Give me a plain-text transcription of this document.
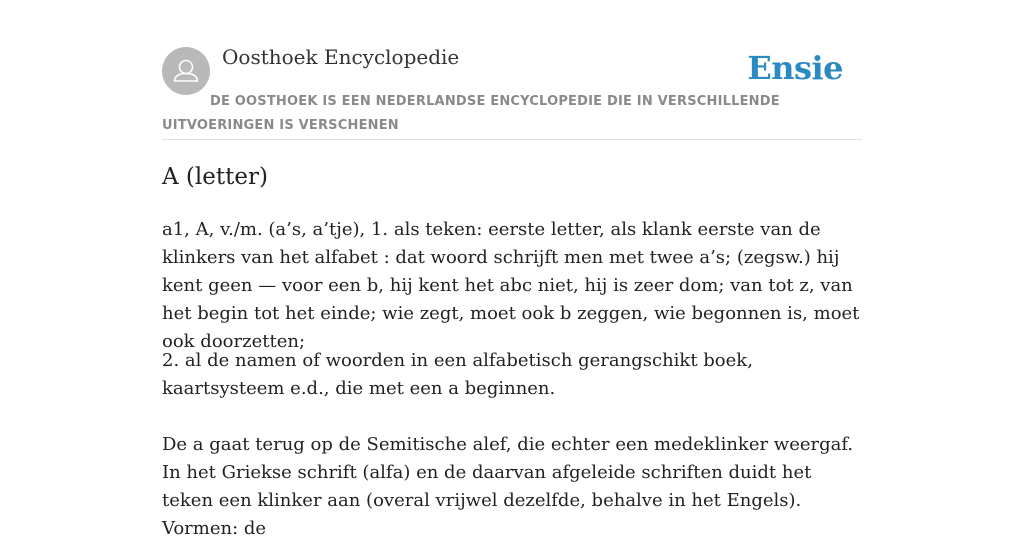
Oosthoek Encyclopedie	Ensie
DE OOSTHOEK IS EEN NEDERLANDSE ENCYCLOPEDIE DIE IN VERSCHILLENDE UITVOERINGEN IS VERSCHENEN
A (letter)

a1, A, v./m. (a’s, a’tje), 1. als teken: eerste letter, als klank eerste van de klinkers van het alfabet : dat woord schrijft men met twee a’s; (zegsw.) hij kent geen — voor een b, hij kent het abc niet, hij is zeer dom; van tot z, van het begin tot het einde; wie zegt, moet ook b zeggen, wie begonnen is, moet ook doorzetten;

2. al de namen of woorden in een alfabetisch gerangschikt boek, kaartsysteem e.d., die met een a beginnen.

De a gaat terug op de Semitische alef, die echter een medeklinker weergaf. In het Griekse schrift (alfa) en de daarvan afgeleide schriften duidt het teken een klinker aan (overal vrijwel dezelfde, behalve in het Engels). Vormen: de
